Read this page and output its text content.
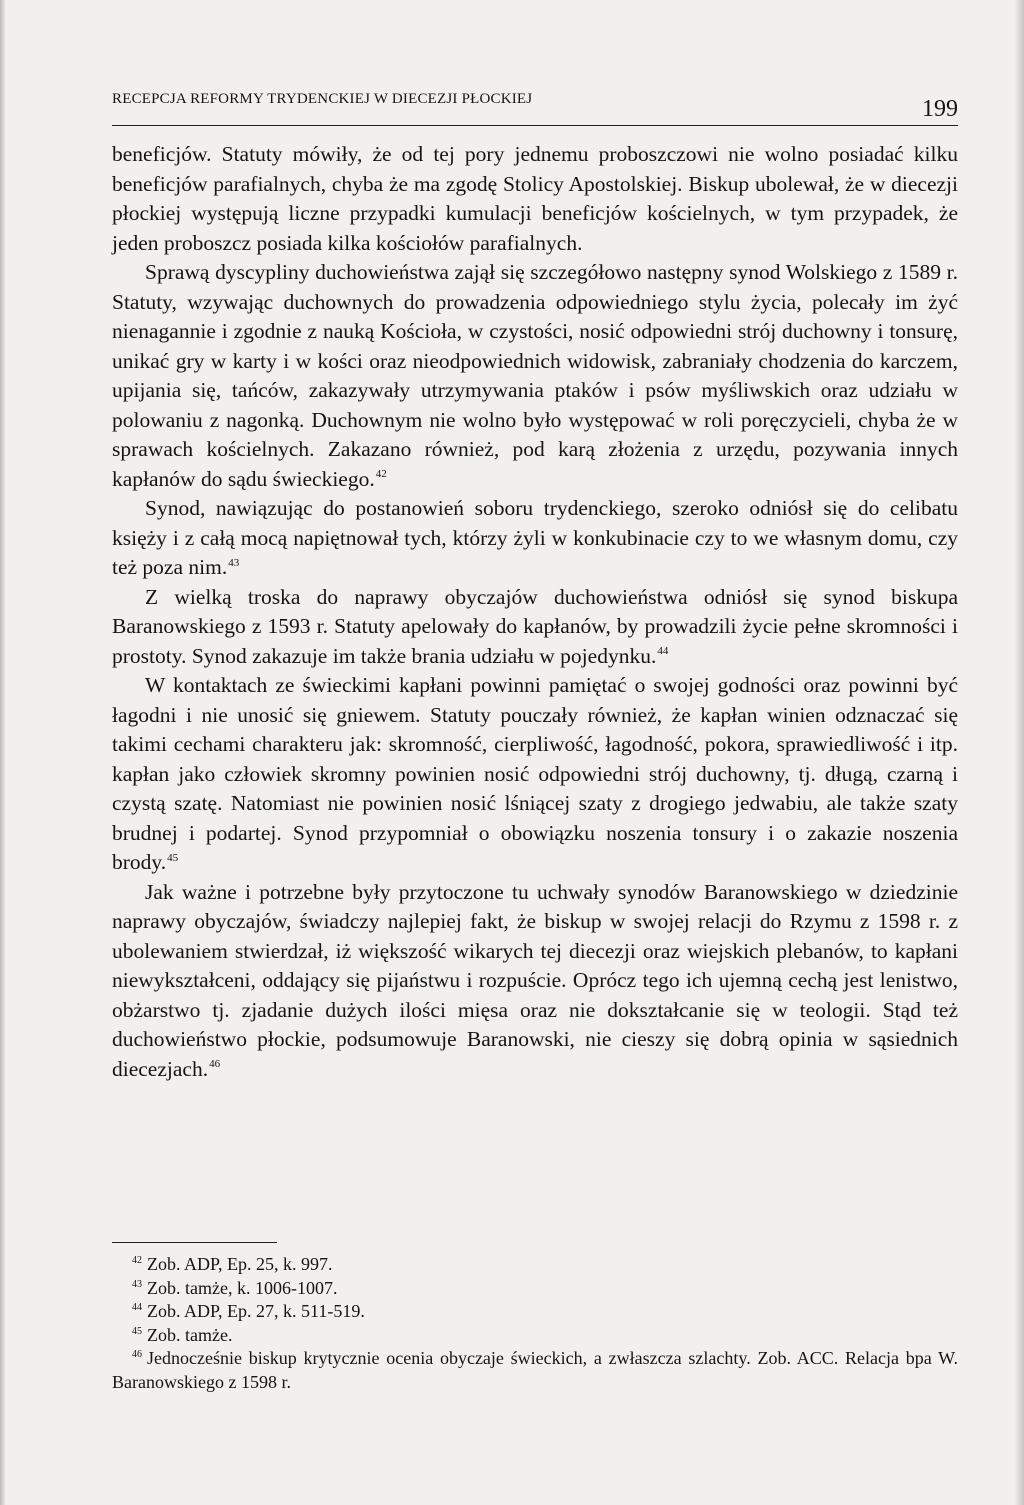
RECEPCJA REFORMY TRYDENCKIEJ W DIECEZJI PŁOCKIEJ	199

beneficjów. Statuty mówiły, że od tej pory jednemu proboszczowi nie wolno posiadać kilku beneficjów parafialnych, chyba że ma zgodę Stolicy Apostolskiej. Biskup ubolewał, że w diecezji płockiej występują liczne przypadki kumulacji beneficjów kościelnych, w tym przypadek, że jeden proboszcz posiada kilka kościołów parafialnych.

Sprawą dyscypliny duchowieństwa zajął się szczegółowo następny synod Wolskiego z 1589 r. Statuty, wzywając duchownych do prowadzenia odpowiedniego stylu życia, polecały im żyć nienagannie i zgodnie z nauką Kościoła, w czystości, nosić odpowiedni strój duchowny i tonsurę, unikać gry w karty i w kości oraz nieodpowiednich widowisk, zabraniały chodzenia do karczem, upijania się, tańców, zakazywały utrzymywania ptaków i psów myśliwskich oraz udziału w polowaniu z nagonką. Duchownym nie wolno było występować w roli poręczycieli, chyba że w sprawach kościelnych. Zakazano również, pod karą złożenia z urzędu, pozywania innych kapłanów do sądu świeckiego.$^{42}$

Synod, nawiązując do postanowień soboru trydenckiego, szeroko odniósł się do celibatu księży i z całą mocą napiętnował tych, którzy żyli w konkubinacie czy to we własnym domu, czy też poza nim.$^{43}$

Z wielką troska do naprawy obyczajów duchowieństwa odniósł się synod biskupa Baranowskiego z 1593 r. Statuty apelowały do kapłanów, by prowadzili życie pełne skromności i prostoty. Synod zakazuje im także brania udziału w pojedynku.$^{44}$

W kontaktach ze świeckimi kapłani powinni pamiętać o swojej godności oraz powinni być łagodni i nie unosić się gniewem. Statuty pouczały również, że kapłan winien odznaczać się takimi cechami charakteru jak: skromność, cierpliwość, łagodność, pokora, sprawiedliwość i itp. kapłan jako człowiek skromny powinien nosić odpowiedni strój duchowny, tj. długą, czarną i czystą szatę. Natomiast nie powinien nosić lśniącej szaty z drogiego jedwabiu, ale także szaty brudnej i podartej. Synod przypomniał o obowiązku noszenia tonsury i o zakazie noszenia brody.$^{45}$

Jak ważne i potrzebne były przytoczone tu uchwały synodów Baranowskiego w dziedzinie naprawy obyczajów, świadczy najlepiej fakt, że biskup w swojej relacji do Rzymu z 1598 r. z ubolewaniem stwierdzał, iż większość wikarych tej diecezji oraz wiejskich plebanów, to kapłani niewykształceni, oddający się pijaństwu i rozpuście. Oprócz tego ich ujemną cechą jest lenistwo, obżarstwo tj. zjadanie dużych ilości mięsa oraz nie dokształcanie się w teologii. Stąd też duchowieństwo płockie, podsumowuje Baranowski, nie cieszy się dobrą opinia w sąsiednich diecezjach.$^{46}$

$^{42}$ Zob. ADP, Ep. 25, k. 997.

$^{43}$ Zob. tamże, k. 1006-1007.

$^{44}$ Zob. ADP, Ep. 27, k. 511-519.

$^{45}$ Zob. tamże.

$^{46}$ Jednocześnie biskup krytycznie ocenia obyczaje świeckich, a zwłaszcza szlachty. Zob. ACC. Relacja bpa W. Baranowskiego z 1598 r.
